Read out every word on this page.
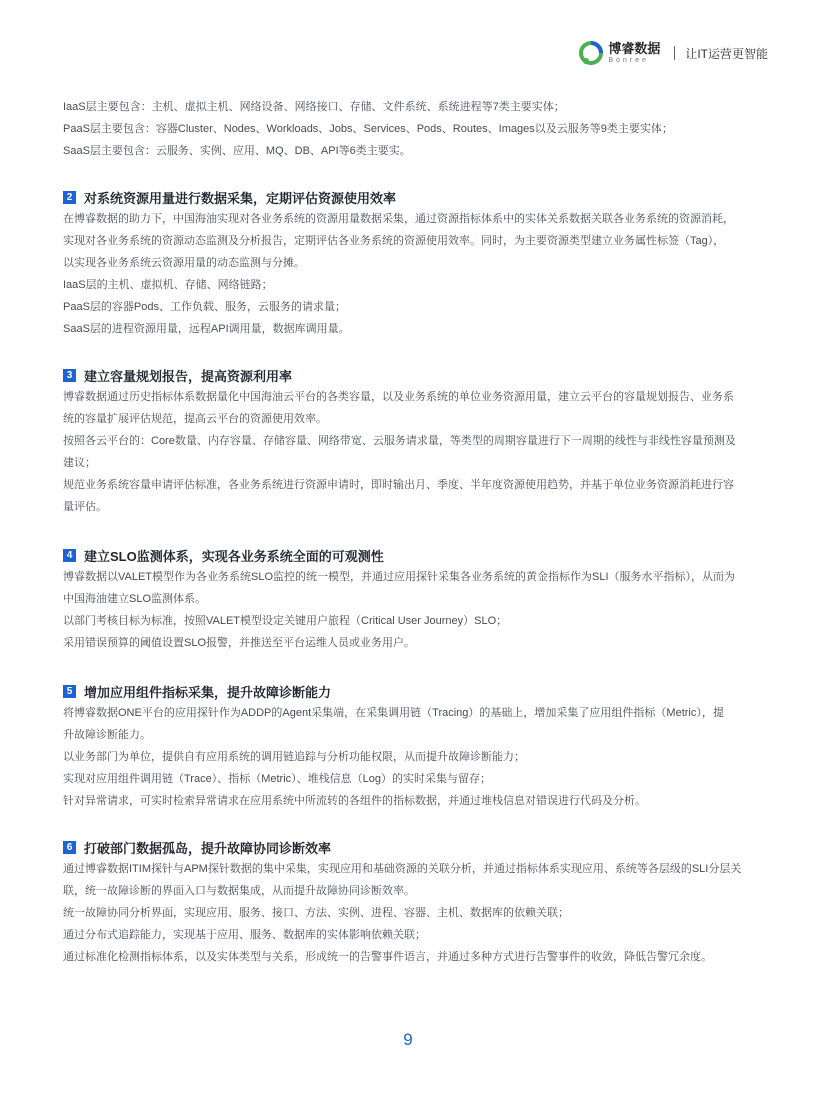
博睿数据
Bonree	让IT运营更智能

IaaS层主要包含：主机、虚拟主机、网络设备、网络接口、存储、文件系统、系统进程等7类主要实体；

PaaS层主要包含：容器Cluster、Nodes、Workloads、Jobs、Services、Pods、Routes、Images以及云服务等9类主要实体；

SaaS层主要包含：云服务、实例、应用、MQ、DB、API等6类主要实。

2 对系统资源用量进行数据采集，定期评估资源使用效率

在博睿数据的助力下，中国海油实现对各业务系统的资源用量数据采集，通过资源指标体系中的实体关系数据关联各业务系统的资源消耗，

实现对各业务系统的资源动态监测及分析报告，定期评估各业务系统的资源使用效率。同时，为主要资源类型建立业务属性标签（Tag），

以实现各业务系统云资源用量的动态监测与分摊。

IaaS层的主机、虚拟机、存储、网络链路；

PaaS层的容器Pods、工作负载、服务，云服务的请求量；

SaaS层的进程资源用量，远程API调用量，数据库调用量。

3 建立容量规划报告，提高资源利用率

博睿数据通过历史指标体系数据量化中国海油云平台的各类容量，以及业务系统的单位业务资源用量，建立云平台的容量规划报告、业务系

统的容量扩展评估规范，提高云平台的资源使用效率。

按照各云平台的：Core数量、内存容量、存储容量、网络带宽、云服务请求量，等类型的周期容量进行下一周期的线性与非线性容量预测及

建议；

规范业务系统容量申请评估标准，各业务系统进行资源申请时，即时输出月、季度、半年度资源使用趋势，并基于单位业务资源消耗进行容

量评估。

4 建立SLO监测体系，实现各业务系统全面的可观测性

博睿数据以VALET模型作为各业务系统SLO监控的统一模型，并通过应用探针采集各业务系统的黄金指标作为SLI（服务水平指标），从而为

中国海油建立SLO监测体系。

以部门考核目标为标准，按照VALET模型设定关键用户旅程（Critical User Journey）SLO；

采用错误预算的阈值设置SLO报警，并推送至平台运维人员或业务用户。

5 增加应用组件指标采集，提升故障诊断能力

将博睿数据ONE平台的应用探针作为ADDP的Agent采集端，在采集调用链（Tracing）的基础上，增加采集了应用组件指标（Metric），提

升故障诊断能力。

以业务部门为单位，提供自有应用系统的调用链追踪与分析功能权限，从而提升故障诊断能力；

实现对应用组件调用链（Trace）、指标（Metric）、堆栈信息（Log）的实时采集与留存；

针对异常请求，可实时检索异常请求在应用系统中所流转的各组件的指标数据，并通过堆栈信息对错误进行代码及分析。

6 打破部门数据孤岛，提升故障协同诊断效率

通过博睿数据ITIM探针与APM探针数据的集中采集，实现应用和基础资源的关联分析，并通过指标体系实现应用、系统等各层级的SLI分层关

联，统一故障诊断的界面入口与数据集成，从而提升故障协同诊断效率。

统一故障协同分析界面，实现应用、服务、接口、方法、实例、进程、容器、主机、数据库的依赖关联；

通过分布式追踪能力，实现基于应用、服务、数据库的实体影响依赖关联；

通过标准化检测指标体系，以及实体类型与关系，形成统一的告警事件语言，并通过多种方式进行告警事件的收敛，降低告警冗余度。

9
